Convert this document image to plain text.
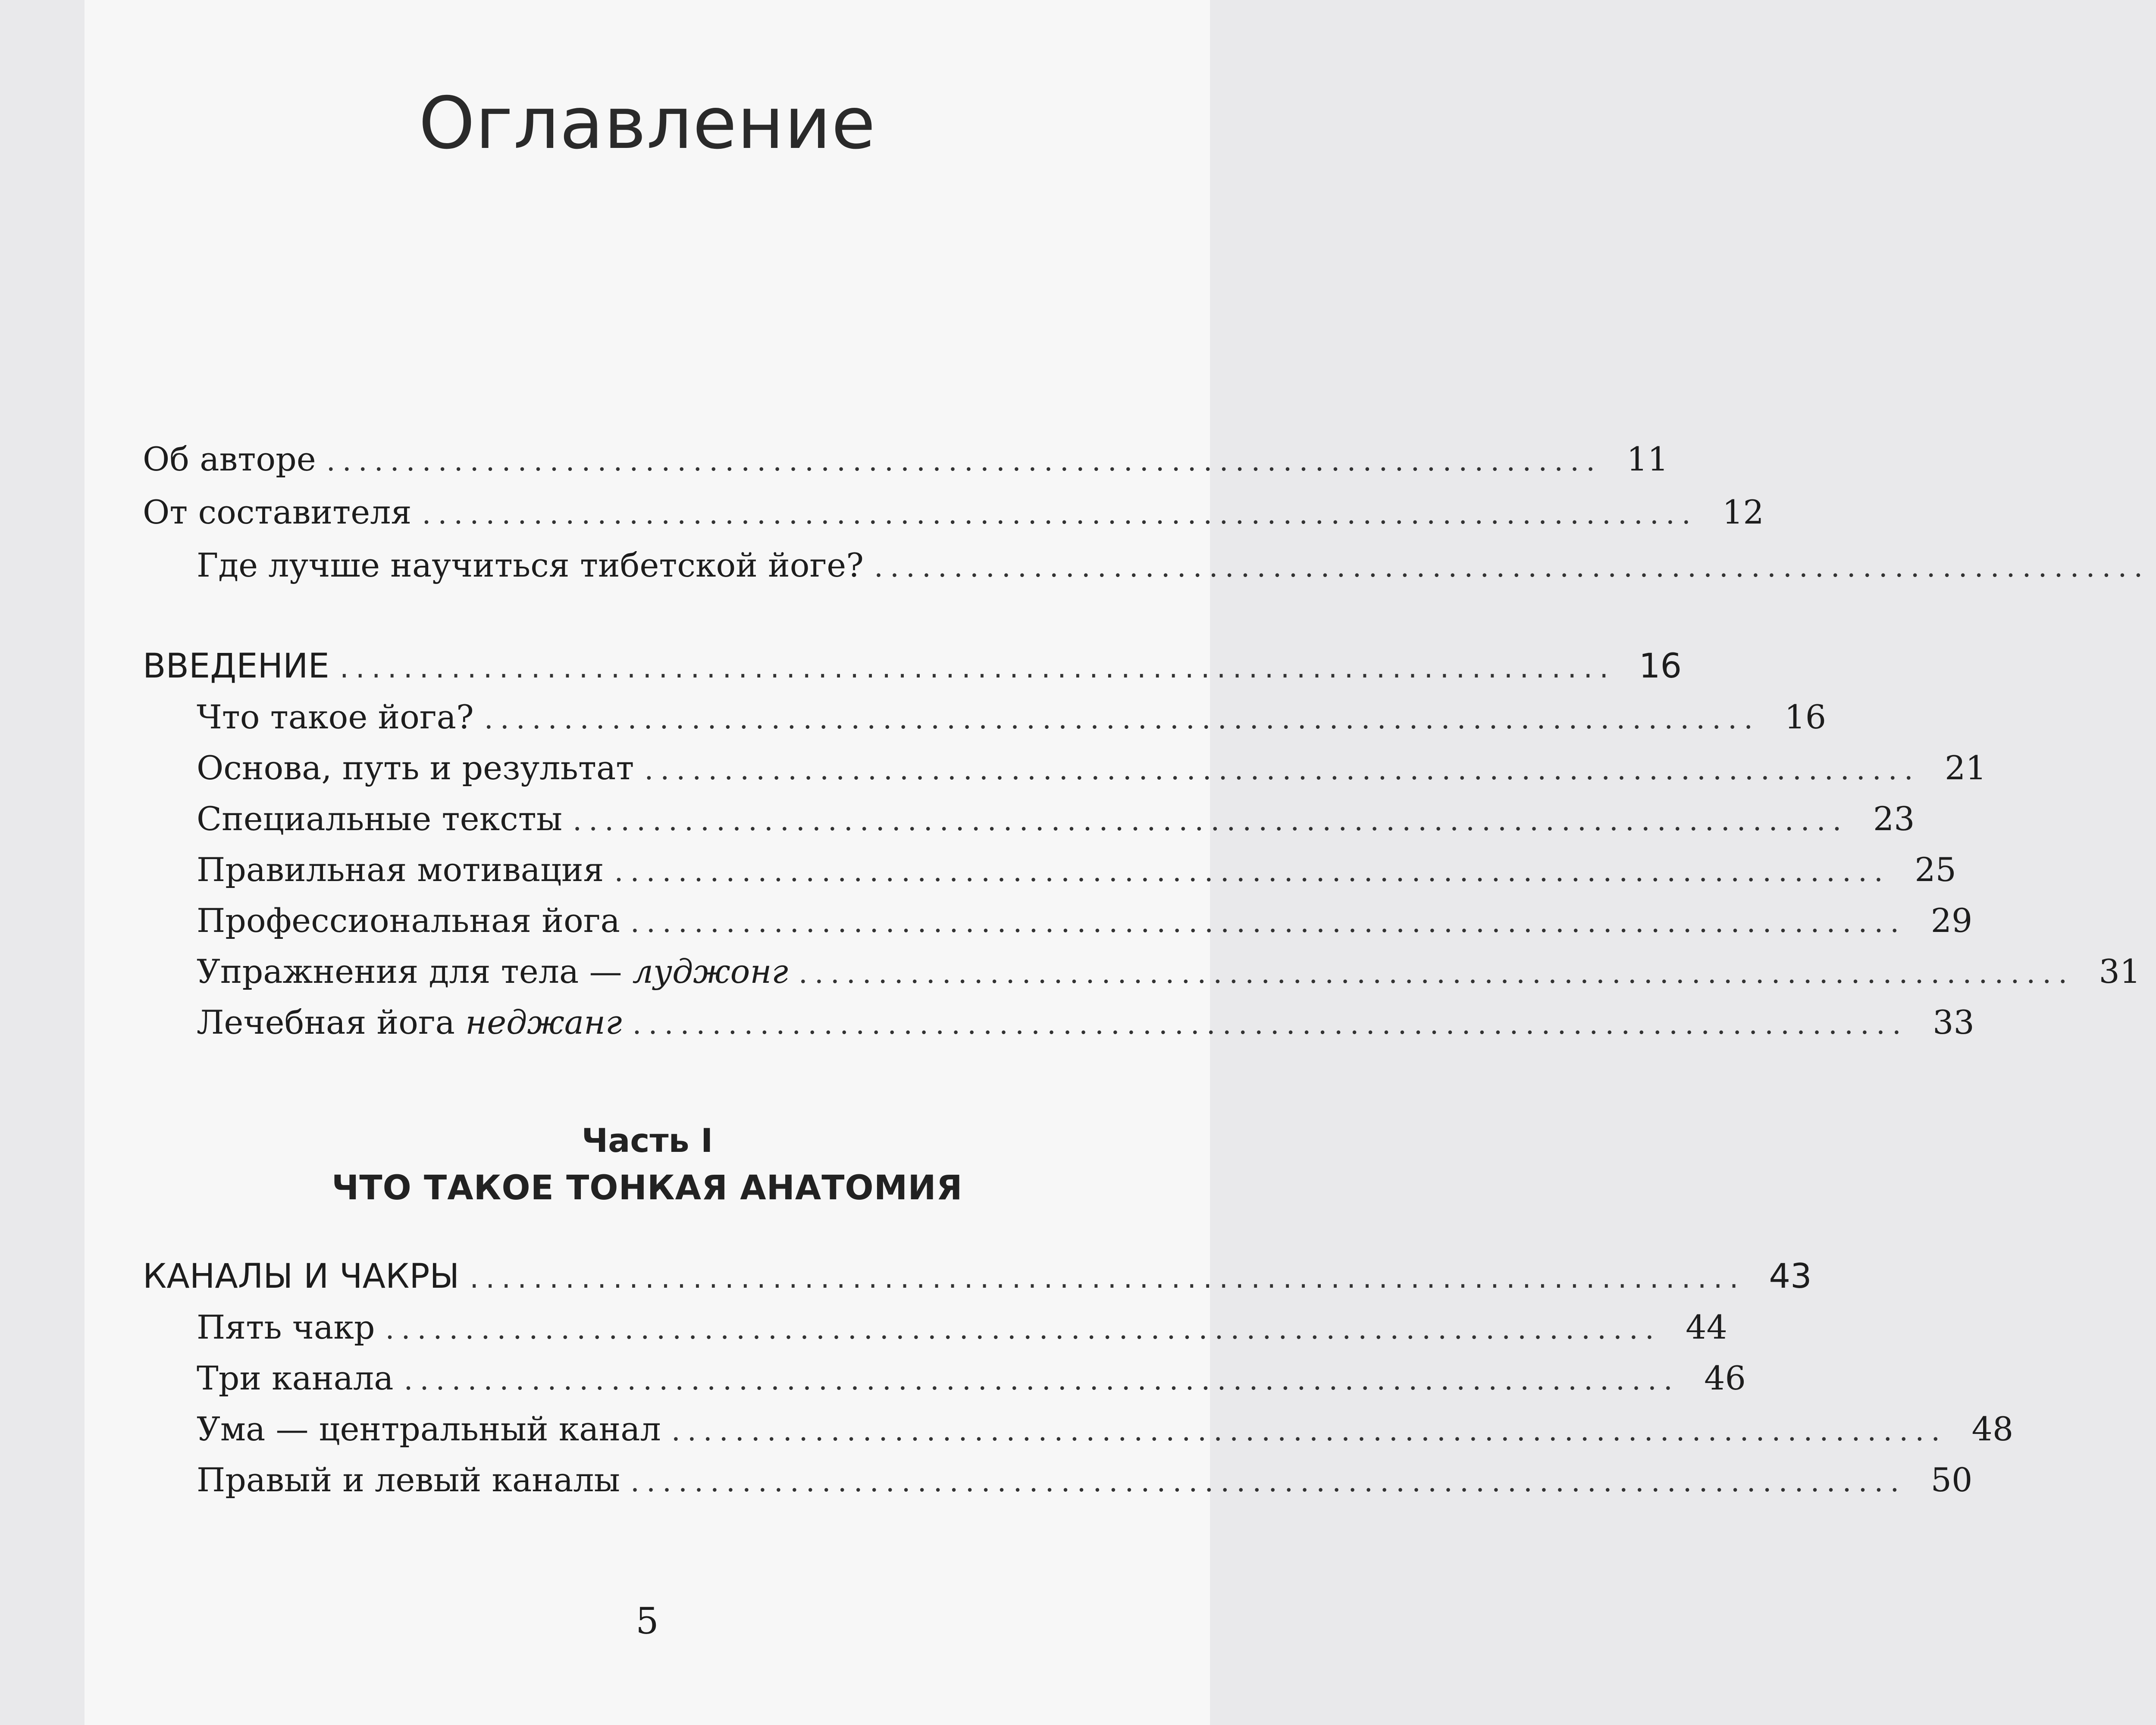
Оглавление
Об авторе ................................................................................ 11
От составителя ................................................................................ 12
Где лучше научиться тибетской йоге? ................................................................................
ВВЕДЕНИЕ ................................................................................ 16
Что такое йога? ................................................................................ 16
Основа, путь и результат ................................................................................ 21
Специальные тексты ................................................................................ 23
Правильная мотивация ................................................................................ 25
Профессиональная йога ................................................................................ 29
Упражнения для тела — луджонг ................................................................................ 31
Лечебная йога неджанг ................................................................................ 33
Часть I
ЧТО ТАКОЕ ТОНКАЯ АНАТОМИЯ
КАНАЛЫ И ЧАКРЫ ................................................................................ 43
Пять чакр ................................................................................ 44
Три канала ................................................................................ 46
Ума — центральный канал ................................................................................ 48
Правый и левый каналы ................................................................................ 50
5
